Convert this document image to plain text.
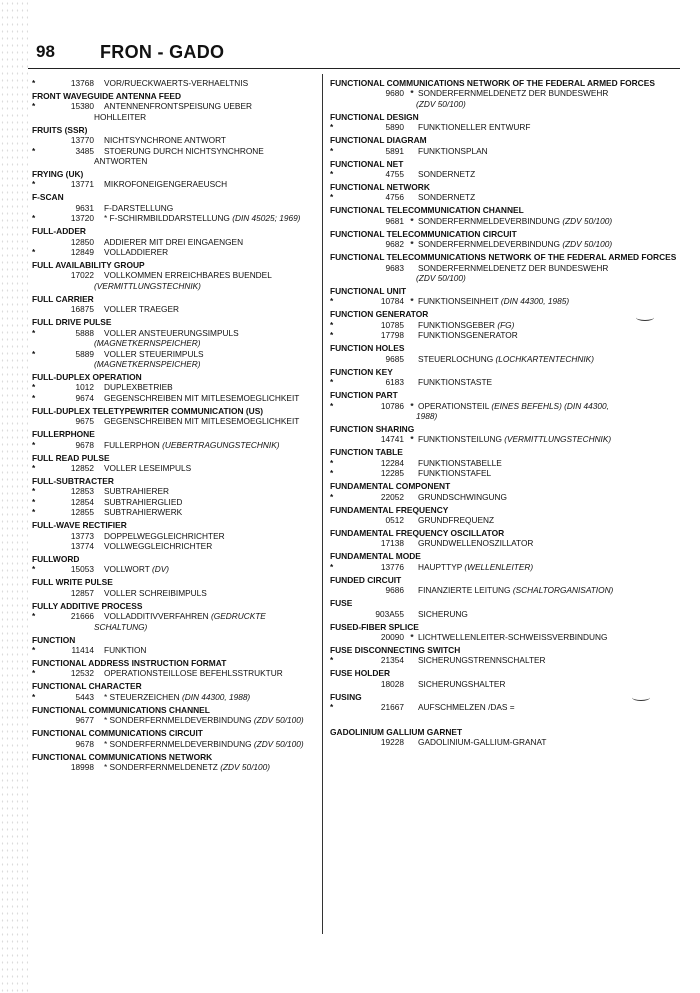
98	FRON - GADO
*	13768	VOR/RUECKWAERTS-VERHAELTNIS
FRONT WAVEGUIDE ANTENNA FEED
*	15380	ANTENNENFRONTSPEISUNG UEBER
HOHLLEITER
FRUITS (SSR)
13770	NICHTSYNCHRONE ANTWORT
*	3485	STOERUNG DURCH NICHTSYNCHRONE
ANTWORTEN
FRYING (UK)
*	13771	MIKROFONEIGENGERAEUSCH
F-SCAN
9631	F-DARSTELLUNG
*	13720	* F-SCHIRMBILDDARSTELLUNG (DIN 45025; 1969)
FULL-ADDER
12850	ADDIERER MIT DREI EINGAENGEN
*	12849	VOLLADDIERER
FULL AVAILABILITY GROUP
17022	VOLLKOMMEN ERREICHBARES BUENDEL
(VERMITTLUNGSTECHNIK)
FULL CARRIER
16875	VOLLER TRAEGER
FULL DRIVE PULSE
*	5888	VOLLER ANSTEUERUNGSIMPULS
(MAGNETKERNSPEICHER)
*	5889	VOLLER STEUERIMPULS
(MAGNETKERNSPEICHER)
FULL-DUPLEX OPERATION
*	1012	DUPLEXBETRIEB
*	9674	GEGENSCHREIBEN MIT MITLESEMOEGLICHKEIT
FULL-DUPLEX TELETYPEWRITER COMMUNICATION (US)
9675	GEGENSCHREIBEN MIT MITLESEMOEGLICHKEIT
FULLERPHONE
*	9678	FULLERPHON (UEBERTRAGUNGSTECHNIK)
FULL READ PULSE
*	12852	VOLLER LESEIMPULS
FULL-SUBTRACTER
*	12853	SUBTRAHIERER
*	12854	SUBTRAHIERGLIED
*	12855	SUBTRAHIERWERK
FULL-WAVE RECTIFIER
13773	DOPPELWEGGLEICHRICHTER
13774	VOLLWEGGLEICHRICHTER
FULLWORD
*	15053	VOLLWORT (DV)
FULL WRITE PULSE
12857	VOLLER SCHREIBIMPULS
FULLY ADDITIVE PROCESS
*	21666	VOLLADDITIVVERFAHREN (GEDRUCKTE
SCHALTUNG)
FUNCTION
*	11414	FUNKTION
FUNCTIONAL ADDRESS INSTRUCTION FORMAT
*	12532	OPERATIONSTEILLOSE BEFEHLSSTRUKTUR
FUNCTIONAL CHARACTER
*	5443	* STEUERZEICHEN (DIN 44300, 1988)
FUNCTIONAL COMMUNICATIONS CHANNEL
9677	* SONDERFERNMELDEVERBINDUNG (ZDV 50/100)
FUNCTIONAL COMMUNICATIONS CIRCUIT
9678	* SONDERFERNMELDEVERBINDUNG (ZDV 50/100)
FUNCTIONAL COMMUNICATIONS NETWORK
18998	* SONDERFERNMELDENETZ (ZDV 50/100)
FUNCTIONAL COMMUNICATIONS NETWORK OF THE FEDERAL ARMED FORCES
9680 * SONDERFERNMELDENETZ DER BUNDESWEHR
(ZDV 50/100)
FUNCTIONAL DESIGN
*	5890 FUNKTIONELLER ENTWURF
FUNCTIONAL DIAGRAM
*	5891 FUNKTIONSPLAN
FUNCTIONAL NET
*	4755 SONDERNETZ
FUNCTIONAL NETWORK
*	4756 SONDERNETZ
FUNCTIONAL TELECOMMUNICATION CHANNEL
9681 * SONDERFERNMELDEVERBINDUNG (ZDV 50/100)
FUNCTIONAL TELECOMMUNICATION CIRCUIT
9682 * SONDERFERNMELDEVERBINDUNG (ZDV 50/100)
FUNCTIONAL TELECOMMUNICATIONS NETWORK OF THE FEDERAL ARMED FORCES
9683 SONDERFERNMELDENETZ DER BUNDESWEHR
(ZDV 50/100)
FUNCTIONAL UNIT
*	10784 * FUNKTIONSEINHEIT (DIN 44300, 1985)
FUNCTION GENERATOR
*	10785 FUNKTIONSGEBER (FG)
*	17798 FUNKTIONSGENERATOR
FUNCTION HOLES
9685 STEUERLOCHUNG (LOCHKARTENTECHNIK)
FUNCTION KEY
*	6183 FUNKTIONSTASTE
FUNCTION PART
*	10786 * OPERATIONSTEIL (EINES BEFEHLS) (DIN 44300,
1988)
FUNCTION SHARING
14741 * FUNKTIONSTEILUNG (VERMITTLUNGSTECHNIK)
FUNCTION TABLE
*	12284 FUNKTIONSTABELLE
*	12285 FUNKTIONSTAFEL
FUNDAMENTAL COMPONENT
*	22052 GRUNDSCHWINGUNG
FUNDAMENTAL FREQUENCY
0512 GRUNDFREQUENZ
FUNDAMENTAL FREQUENCY OSCILLATOR
17138 GRUNDWELLENOSZILLATOR
FUNDAMENTAL MODE
*	13776 HAUPTTYP (WELLENLEITER)
FUNDED CIRCUIT
9686 FINANZIERTE LEITUNG (SCHALTORGANISATION)
FUSE
903A55 SICHERUNG
FUSED-FIBER SPLICE
20090 * LICHTWELLENLEITER-SCHWEISSVERBINDUNG
FUSE DISCONNECTING SWITCH
*	21354 SICHERUNGSTRENNSCHALTER
FUSE HOLDER
18028 SICHERUNGSHALTER
FUSING
*	21667 AUFSCHMELZEN /DAS =
GADOLINIUM GALLIUM GARNET
19228 GADOLINIUM-GALLIUM-GRANAT
